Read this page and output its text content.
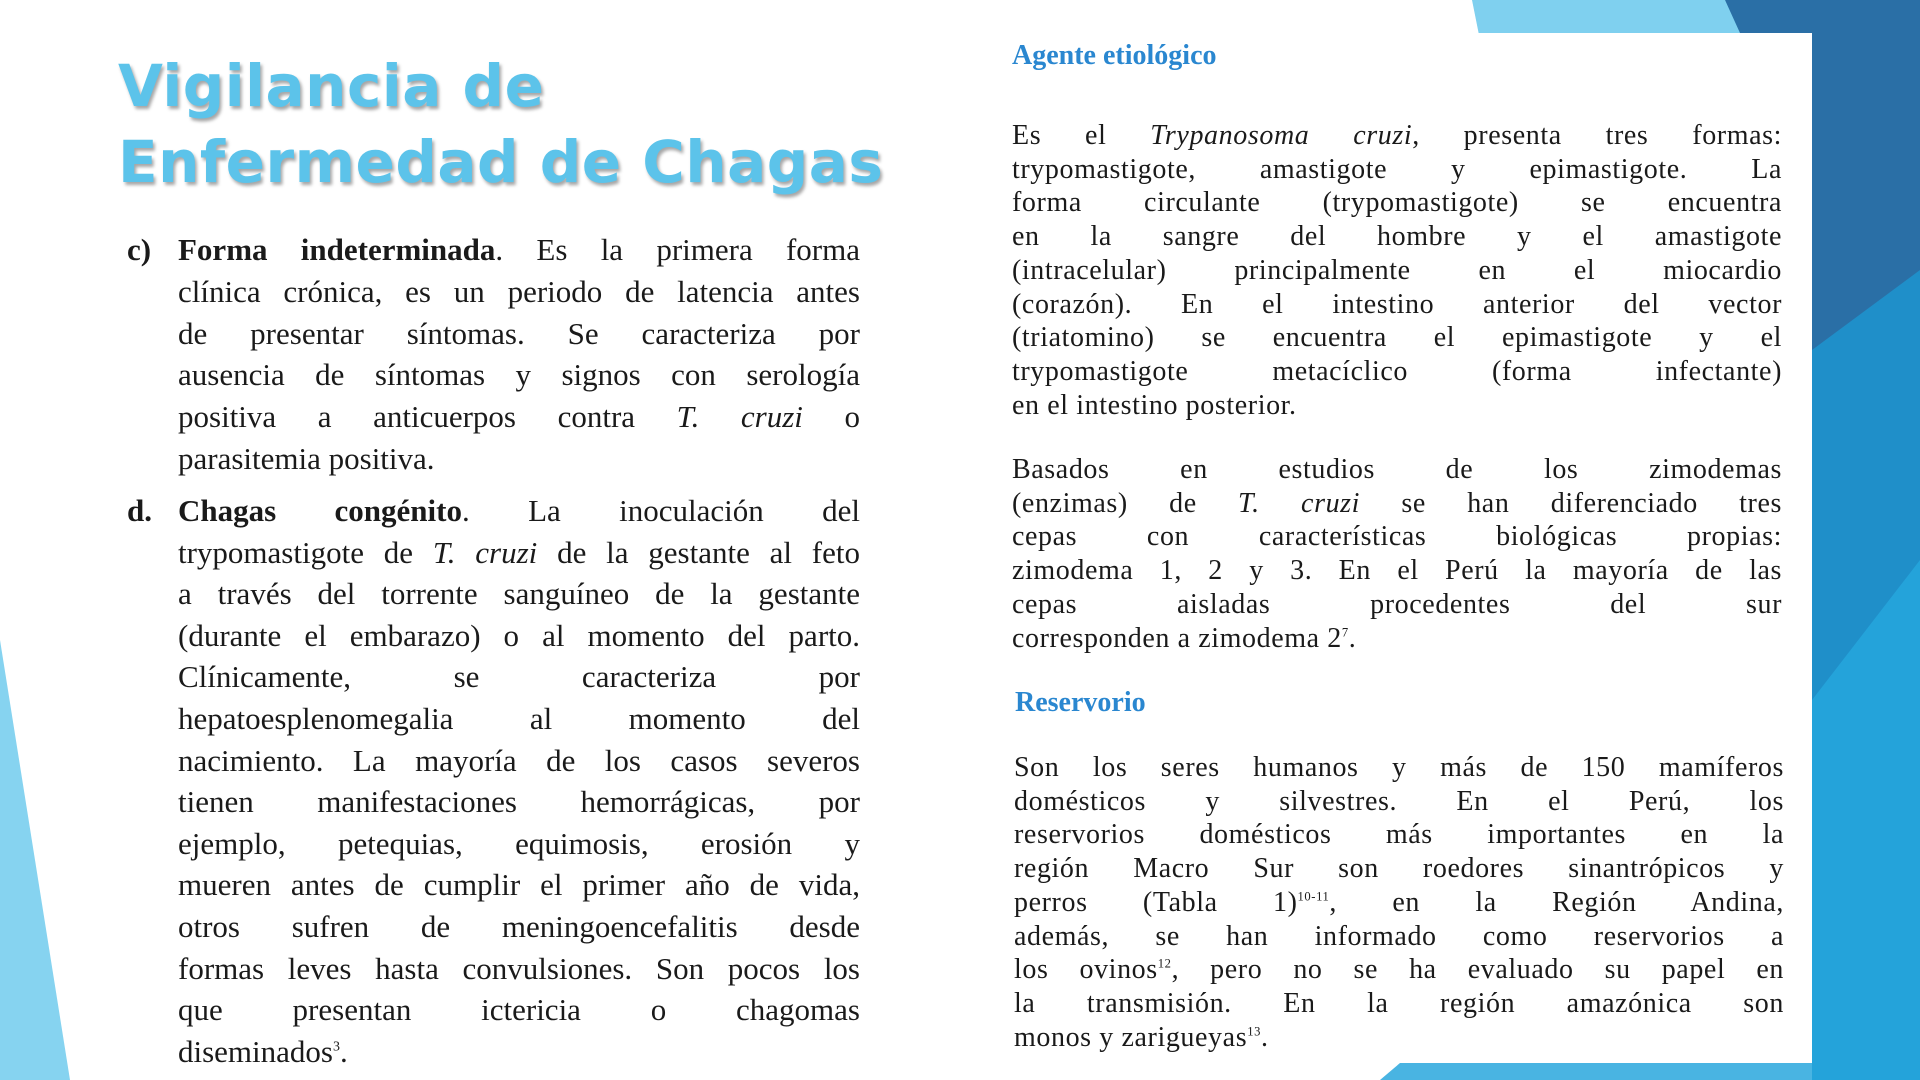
Vigilancia de
Enfermedad de Chagas
c) Forma indeterminada. Es la primera forma
clínica crónica, es un periodo de latencia antes
de presentar síntomas. Se caracteriza por
ausencia de síntomas y signos con serología
positiva a anticuerpos contra T. cruzi o
parasitemia positiva.
d. Chagas congénito. La inoculación del
trypomastigote de T. cruzi de la gestante al feto
a través del torrente sanguíneo de la gestante
(durante el embarazo) o al momento del parto.
Clínicamente, se caracteriza por
hepatoesplenomegalia al momento del
nacimiento. La mayoría de los casos severos
tienen manifestaciones hemorrágicas, por
ejemplo, petequias, equimosis, erosión y
mueren antes de cumplir el primer año de vida,
otros sufren de meningoencefalitis desde
formas leves hasta convulsiones. Son pocos los
que presentan ictericia o chagomas
diseminados$^3$.
Agente etiológico
Es el Trypanosoma cruzi, presenta tres formas:
trypomastigote, amastigote y epimastigote. La
forma circulante (trypomastigote) se encuentra
en la sangre del hombre y el amastigote
(intracelular) principalmente en el miocardio
(corazón). En el intestino anterior del vector
(triatomino) se encuentra el epimastigote y el
trypomastigote metacíclico (forma infectante)
en el intestino posterior.
Basados en estudios de los zimodemas
(enzimas) de T. cruzi se han diferenciado tres
cepas con características biológicas propias:
zimodema 1, 2 y 3. En el Perú la mayoría de las
cepas aisladas procedentes del sur
corresponden a zimodema $2^7$.
Reservorio
Son los seres humanos y más de 150 mamíferos
domésticos y silvestres. En el Perú, los
reservorios domésticos más importantes en la
región Macro Sur son roedores sinantrópicos y
perros (Tabla 1)$^{10-11}$, en la Región Andina,
además, se han informado como reservorios a
los ovinos$^{12}$, pero no se ha evaluado su papel en
la transmisión. En la región amazónica son
monos y zarigueyas$^{13}$.
